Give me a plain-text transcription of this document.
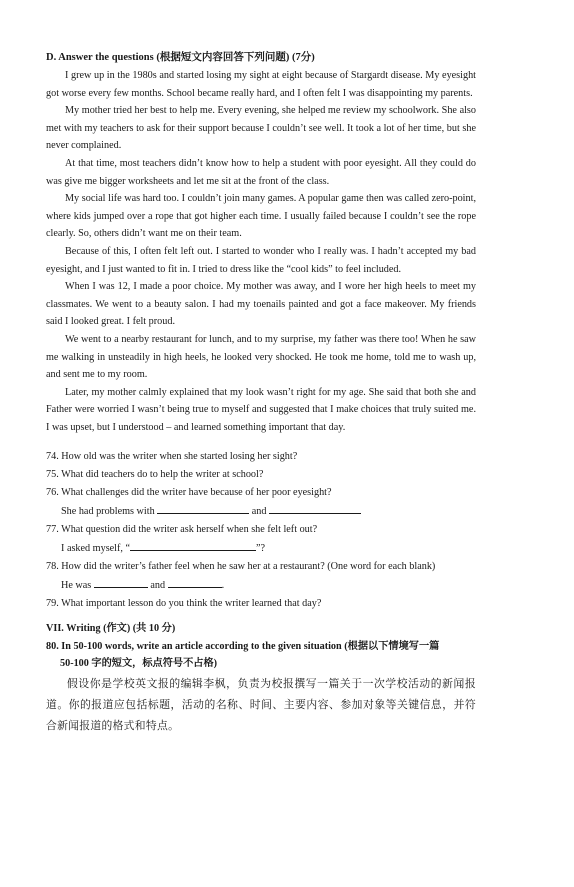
D. Answer the questions (根据短文内容回答下列问题) (7分)

I grew up in the 1980s and started losing my sight at eight because of Stargardt disease. My eyesight got worse every few months. School became really hard, and I often felt I was disappointing my parents.

My mother tried her best to help me. Every evening, she helped me review my schoolwork. She also met with my teachers to ask for their support because I couldn’t see well. It took a lot of her time, but she never complained.

At that time, most teachers didn’t know how to help a student with poor eyesight. All they could do was give me bigger worksheets and let me sit at the front of the class.

My social life was hard too. I couldn’t join many games. A popular game then was called zero-point, where kids jumped over a rope that got higher each time. I usually failed because I couldn’t see the rope clearly. So, others didn’t want me on their team.

Because of this, I often felt left out. I started to wonder who I really was. I hadn’t accepted my bad eyesight, and I just wanted to fit in. I tried to dress like the “cool kids” to feel included.

When I was 12, I made a poor choice. My mother was away, and I wore her high heels to meet my classmates. We went to a beauty salon. I had my toenails painted and got a face makeover. My friends said I looked great. I felt proud.

We went to a nearby restaurant for lunch, and to my surprise, my father was there too! When he saw me walking in unsteadily in high heels, he looked very shocked. He took me home, told me to wash up, and sent me to my room.

Later, my mother calmly explained that my look wasn’t right for my age. She said that both she and Father were worried I wasn’t being true to myself and suggested that I make choices that truly suited me. I was upset, but I understood – and learned something important that day.

74. How old was the writer when she started losing her sight?

75. What did teachers do to help the writer at school?

76. What challenges did the writer have because of her poor eyesight?

She had problems with	and

77. What question did the writer ask herself when she felt left out?

I asked myself, “	”?

78. How did the writer’s father feel when he saw her at a restaurant? (One word for each blank)

He was	and	.

79. What important lesson do you think the writer learned that day?

VII. Writing (作文) (共 10 分)

80. In 50-100 words, write an article according to the given situation (根据以下情境写一篇

50-100 字的短文，标点符号不占格)

假设你是学校英文报的编辑李枫，负责为校报撰写一篇关于一次学校活动的新闻报道。你的报道应包括标题，活动的名称、时间、主要内容、参加对象等关键信息，并符合新闻报道的格式和特点。
